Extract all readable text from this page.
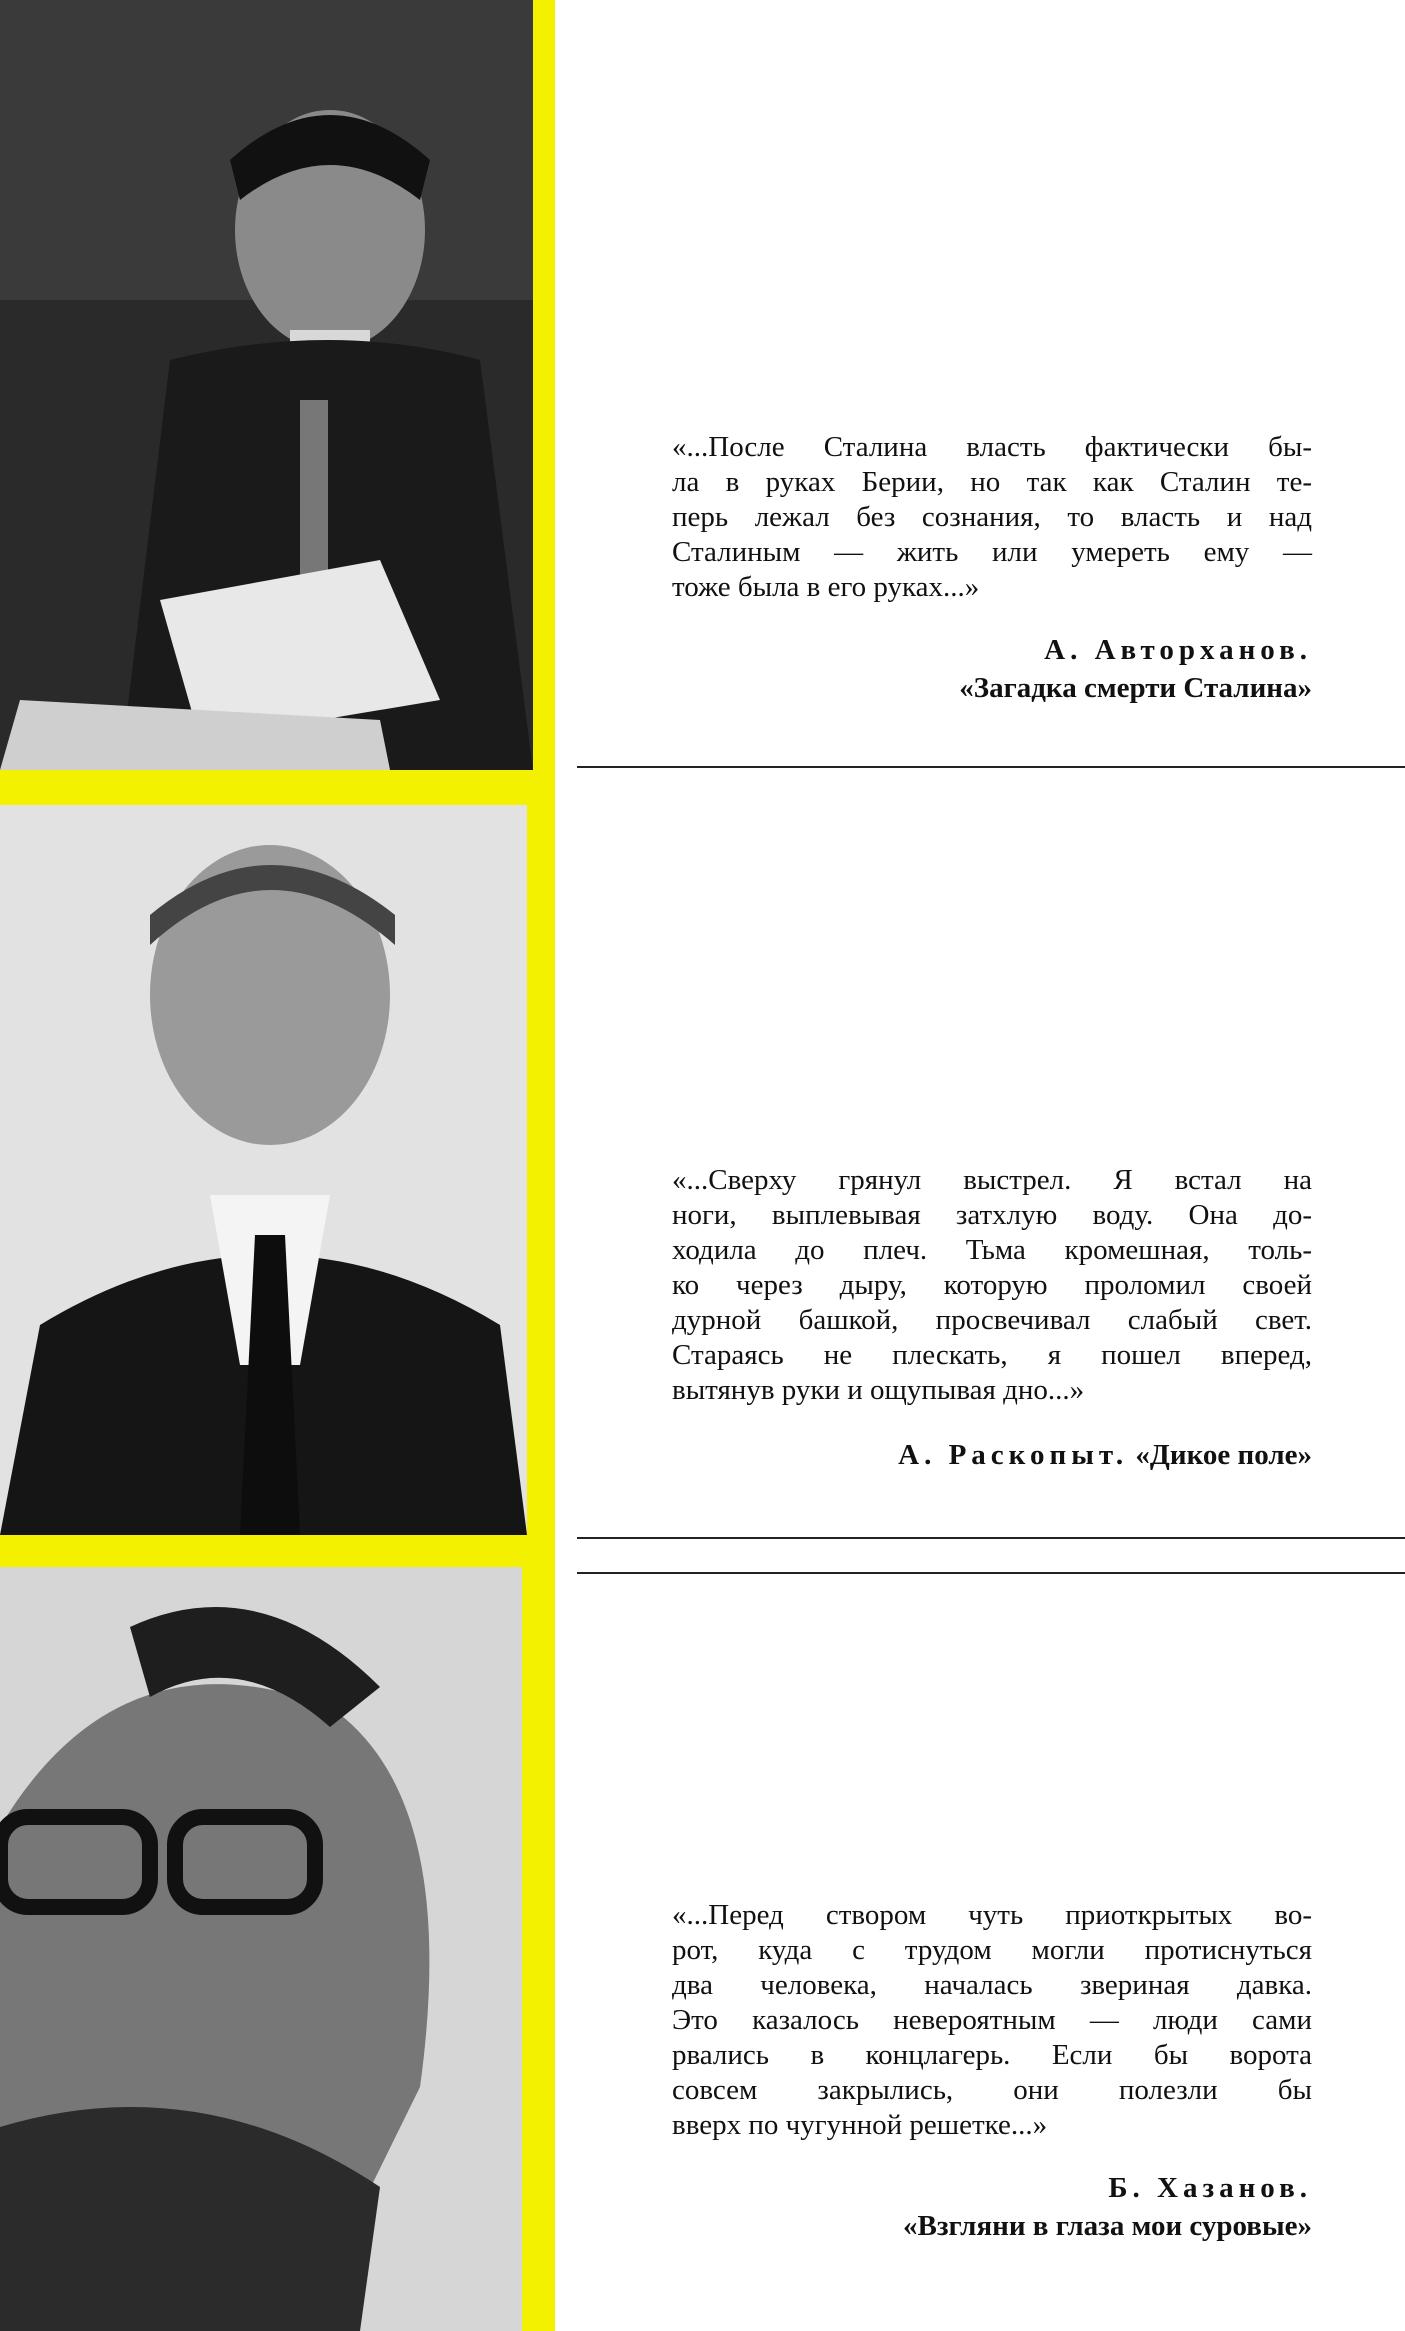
«...После Сталина власть фактически бы-
ла в руках Берии, но так как Сталин те-
перь лежал без сознания, то власть и над
Сталиным — жить или умереть ему —
тоже была в его руках...»

А. Авторханов.
«Загадка смерти Сталина»

«...Сверху грянул выстрел. Я встал на
ноги, выплевывая затхлую воду. Она до-
ходила до плеч. Тьма кромешная, толь-
ко через дыру, которую проломил своей
дурной башкой, просвечивал слабый свет.
Стараясь не плескать, я пошел вперед,
вытянув руки и ощупывая дно...»

А. Раскопыт. «Дикое поле»

«...Перед створом чуть приоткрытых во-
рот, куда с трудом могли протиснуться
два человека, началась звериная давка.
Это казалось невероятным — люди сами
рвались в концлагерь. Если бы ворота
совсем закрылись, они полезли бы
вверх по чугунной решетке...»

Б. Хазанов.
«Взгляни в глаза мои суровые»
